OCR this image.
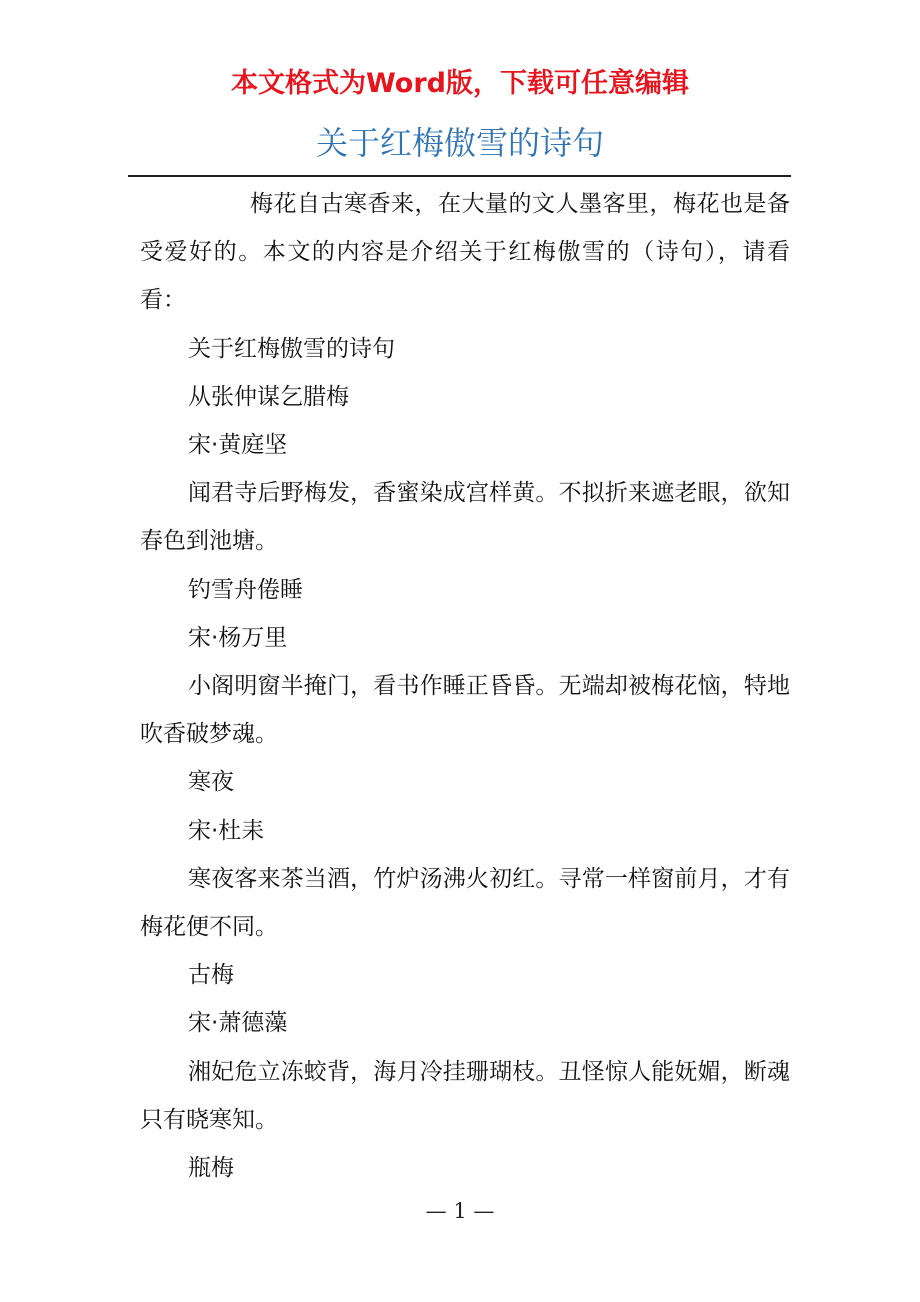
本文格式为Word版，下载可任意编辑
关于红梅傲雪的诗句

梅花自古寒香来，在大量的文人墨客里，梅花也是备受爱好的。本文的内容是介绍关于红梅傲雪的（诗句），请看看：

关于红梅傲雪的诗句

从张仲谋乞腊梅

宋·黄庭坚

闻君寺后野梅发，香蜜染成宫样黄。不拟折来遮老眼，欲知春色到池塘。

钓雪舟倦睡

宋·杨万里

小阁明窗半掩门，看书作睡正昏昏。无端却被梅花恼，特地吹香破梦魂。

寒夜

宋·杜耒

寒夜客来茶当酒，竹炉汤沸火初红。寻常一样窗前月，才有梅花便不同。

古梅

宋·萧德藻

湘妃危立冻蛟背，海月冷挂珊瑚枝。丑怪惊人能妩媚，断魂只有晓寒知。

瓶梅

— 1 —
